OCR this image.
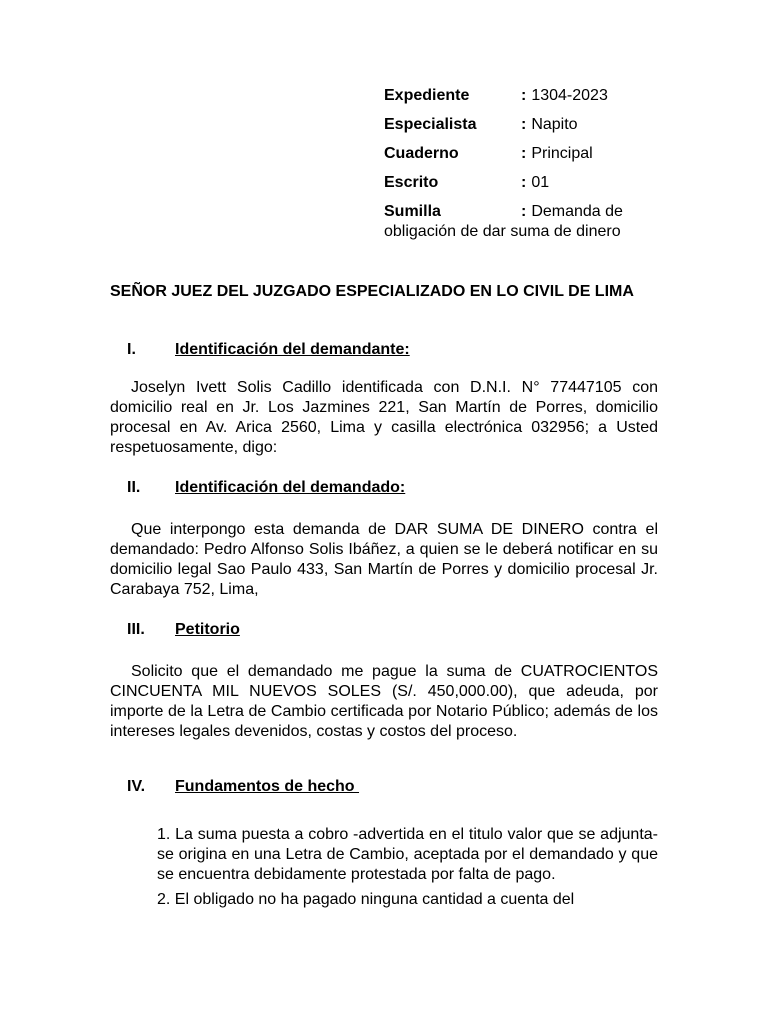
Expediente	: 1304-2023
Especialista	: Napito
Cuaderno	: Principal
Escrito	: 01
Sumilla	: Demanda de obligación de dar suma de dinero
SEÑOR JUEZ DEL JUZGADO ESPECIALIZADO EN LO CIVIL DE LIMA
I. Identificación del demandante:
Joselyn Ivett Solis Cadillo identificada con D.N.I. N° 77447105 con domicilio real en Jr. Los Jazmines 221, San Martín de Porres, domicilio procesal en Av. Arica 2560, Lima y casilla electrónica 032956; a Usted respetuosamente, digo:
II. Identificación del demandado:
Que interpongo esta demanda de DAR SUMA DE DINERO contra el demandado: Pedro Alfonso Solis Ibáñez, a quien se le deberá notificar en su domicilio legal Sao Paulo 433, San Martín de Porres y domicilio procesal Jr. Carabaya 752, Lima,
III. Petitorio
Solicito que el demandado me pague la suma de CUATROCIENTOS CINCUENTA MIL NUEVOS SOLES (S/. 450,000.00), que adeuda, por importe de la Letra de Cambio certificada por Notario Público; además de los intereses legales devenidos, costas y costos del proceso.
IV. Fundamentos de hecho

1. La suma puesta a cobro -advertida en el titulo valor que se adjunta- se origina en una Letra de Cambio, aceptada por el demandado y que se encuentra debidamente protestada por falta de pago.

2. El obligado no ha pagado ninguna cantidad a cuenta del
